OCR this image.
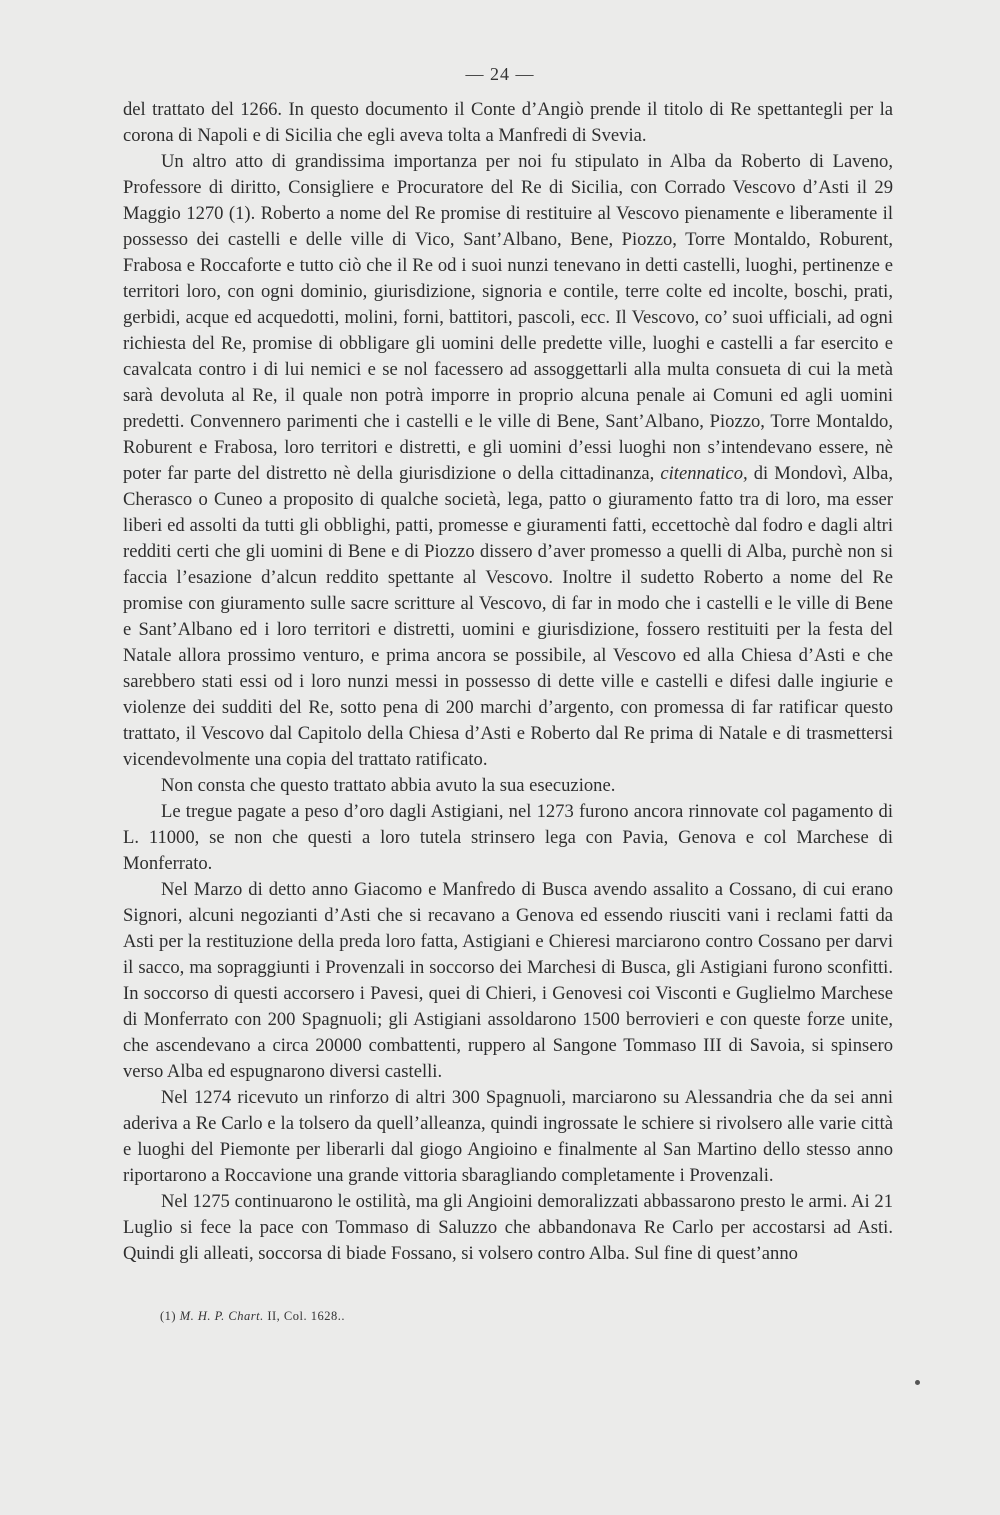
— 24 —

del trattato del 1266. In questo documento il Conte d’Angiò prende il titolo di Re spettantegli per la corona di Napoli e di Sicilia che egli aveva tolta a Manfredi di Svevia.

Un altro atto di grandissima importanza per noi fu stipulato in Alba da Roberto di Laveno, Professore di diritto, Consigliere e Procuratore del Re di Sicilia, con Corrado Vescovo d’Asti il 29 Maggio 1270 (1). Roberto a nome del Re promise di restituire al Vescovo pienamente e liberamente il possesso dei castelli e delle ville di Vico, Sant’Albano, Bene, Piozzo, Torre Montaldo, Roburent, Frabosa e Roccaforte e tutto ciò che il Re od i suoi nunzi tenevano in detti castelli, luoghi, pertinenze e territori loro, con ogni dominio, giurisdizione, signoria e contile, terre colte ed incolte, boschi, prati, gerbidi, acque ed acquedotti, molini, forni, battitori, pascoli, ecc. Il Vescovo, co’ suoi ufficiali, ad ogni richiesta del Re, promise di obbligare gli uomini delle predette ville, luoghi e castelli a far esercito e cavalcata contro i di lui nemici e se nol facessero ad assoggettarli alla multa consueta di cui la metà sarà devoluta al Re, il quale non potrà imporre in proprio alcuna penale ai Comuni ed agli uomini predetti. Convennero parimenti che i castelli e le ville di Bene, Sant’Albano, Piozzo, Torre Montaldo, Roburent e Frabosa, loro territori e distretti, e gli uomini d’essi luoghi non s’intendevano essere, nè poter far parte del distretto nè della giurisdizione o della cittadinanza, citennatico, di Mondovì, Alba, Cherasco o Cuneo a proposito di qualche società, lega, patto o giuramento fatto tra di loro, ma esser liberi ed assolti da tutti gli obblighi, patti, promesse e giuramenti fatti, eccettochè dal fodro e dagli altri redditi certi che gli uomini di Bene e di Piozzo dissero d’aver promesso a quelli di Alba, purchè non si faccia l’esazione d’alcun reddito spettante al Vescovo. Inoltre il sudetto Roberto a nome del Re promise con giuramento sulle sacre scritture al Vescovo, di far in modo che i castelli e le ville di Bene e Sant’Albano ed i loro territori e distretti, uomini e giurisdizione, fossero restituiti per la festa del Natale allora prossimo venturo, e prima ancora se possibile, al Vescovo ed alla Chiesa d’Asti e che sarebbero stati essi od i loro nunzi messi in possesso di dette ville e castelli e difesi dalle ingiurie e violenze dei sudditi del Re, sotto pena di 200 marchi d’argento, con promessa di far ratificar questo trattato, il Vescovo dal Capitolo della Chiesa d’Asti e Roberto dal Re prima di Natale e di trasmettersi vicendevolmente una copia del trattato ratificato.

Non consta che questo trattato abbia avuto la sua esecuzione.

Le tregue pagate a peso d’oro dagli Astigiani, nel 1273 furono ancora rinnovate col pagamento di L. 11000, se non che questi a loro tutela strinsero lega con Pavia, Genova e col Marchese di Monferrato.

Nel Marzo di detto anno Giacomo e Manfredo di Busca avendo assalito a Cossano, di cui erano Signori, alcuni negozianti d’Asti che si recavano a Genova ed essendo riusciti vani i reclami fatti da Asti per la restituzione della preda loro fatta, Astigiani e Chieresi marciarono contro Cossano per darvi il sacco, ma sopraggiunti i Provenzali in soccorso dei Marchesi di Busca, gli Astigiani furono sconfitti. In soccorso di questi accorsero i Pavesi, quei di Chieri, i Genovesi coi Visconti e Guglielmo Marchese di Monferrato con 200 Spagnuoli; gli Astigiani assoldarono 1500 berrovieri e con queste forze unite, che ascendevano a circa 20000 combattenti, ruppero al Sangone Tommaso III di Savoia, si spinsero verso Alba ed espugnarono diversi castelli.

Nel 1274 ricevuto un rinforzo di altri 300 Spagnuoli, marciarono su Alessandria che da sei anni aderiva a Re Carlo e la tolsero da quell’alleanza, quindi ingrossate le schiere si rivolsero alle varie città e luoghi del Piemonte per liberarli dal giogo Angioino e finalmente al San Martino dello stesso anno riportarono a Roccavione una grande vittoria sbaragliando completamente i Provenzali.

Nel 1275 continuarono le ostilità, ma gli Angioini demoralizzati abbassarono presto le armi. Ai 21 Luglio si fece la pace con Tommaso di Saluzzo che abbandonava Re Carlo per accostarsi ad Asti. Quindi gli alleati, soccorsa di biade Fossano, si volsero contro Alba. Sul fine di quest’anno

(1) M. H. P. Chart. II, Col. 1628..
